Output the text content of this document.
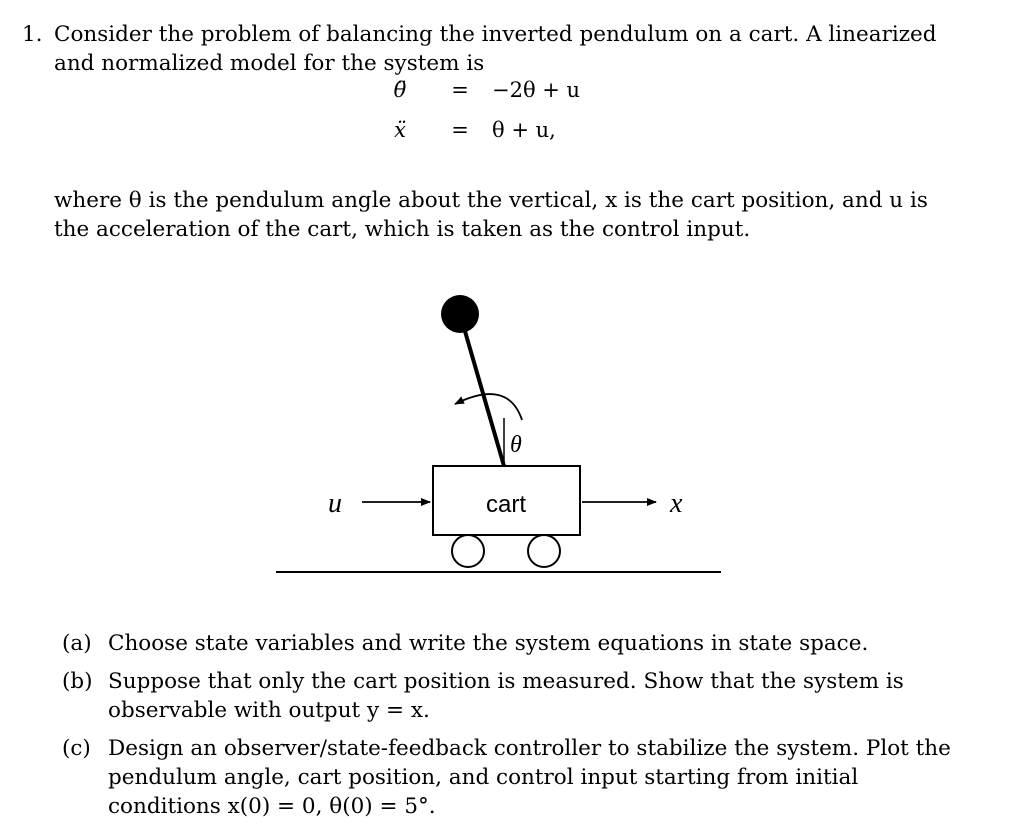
1. Consider the problem of balancing the inverted pendulum on a cart. A linearized and normalized model for the system is
where θ is the pendulum angle about the vertical, x is the cart position, and u is the acceleration of the cart, which is taken as the control input.
θ̈	= −2θ + u
ẍ	= θ + u,
u	cart
θ
x
(a) Choose state variables and write the system equations in state space.
(b) Suppose that only the cart position is measured. Show that the system is observable with output y = x.
(c) Design an observer/state-feedback controller to stabilize the system. Plot the pendulum angle, cart position, and control input starting from initial conditions x(0) = 0, θ(0) = 5°.
